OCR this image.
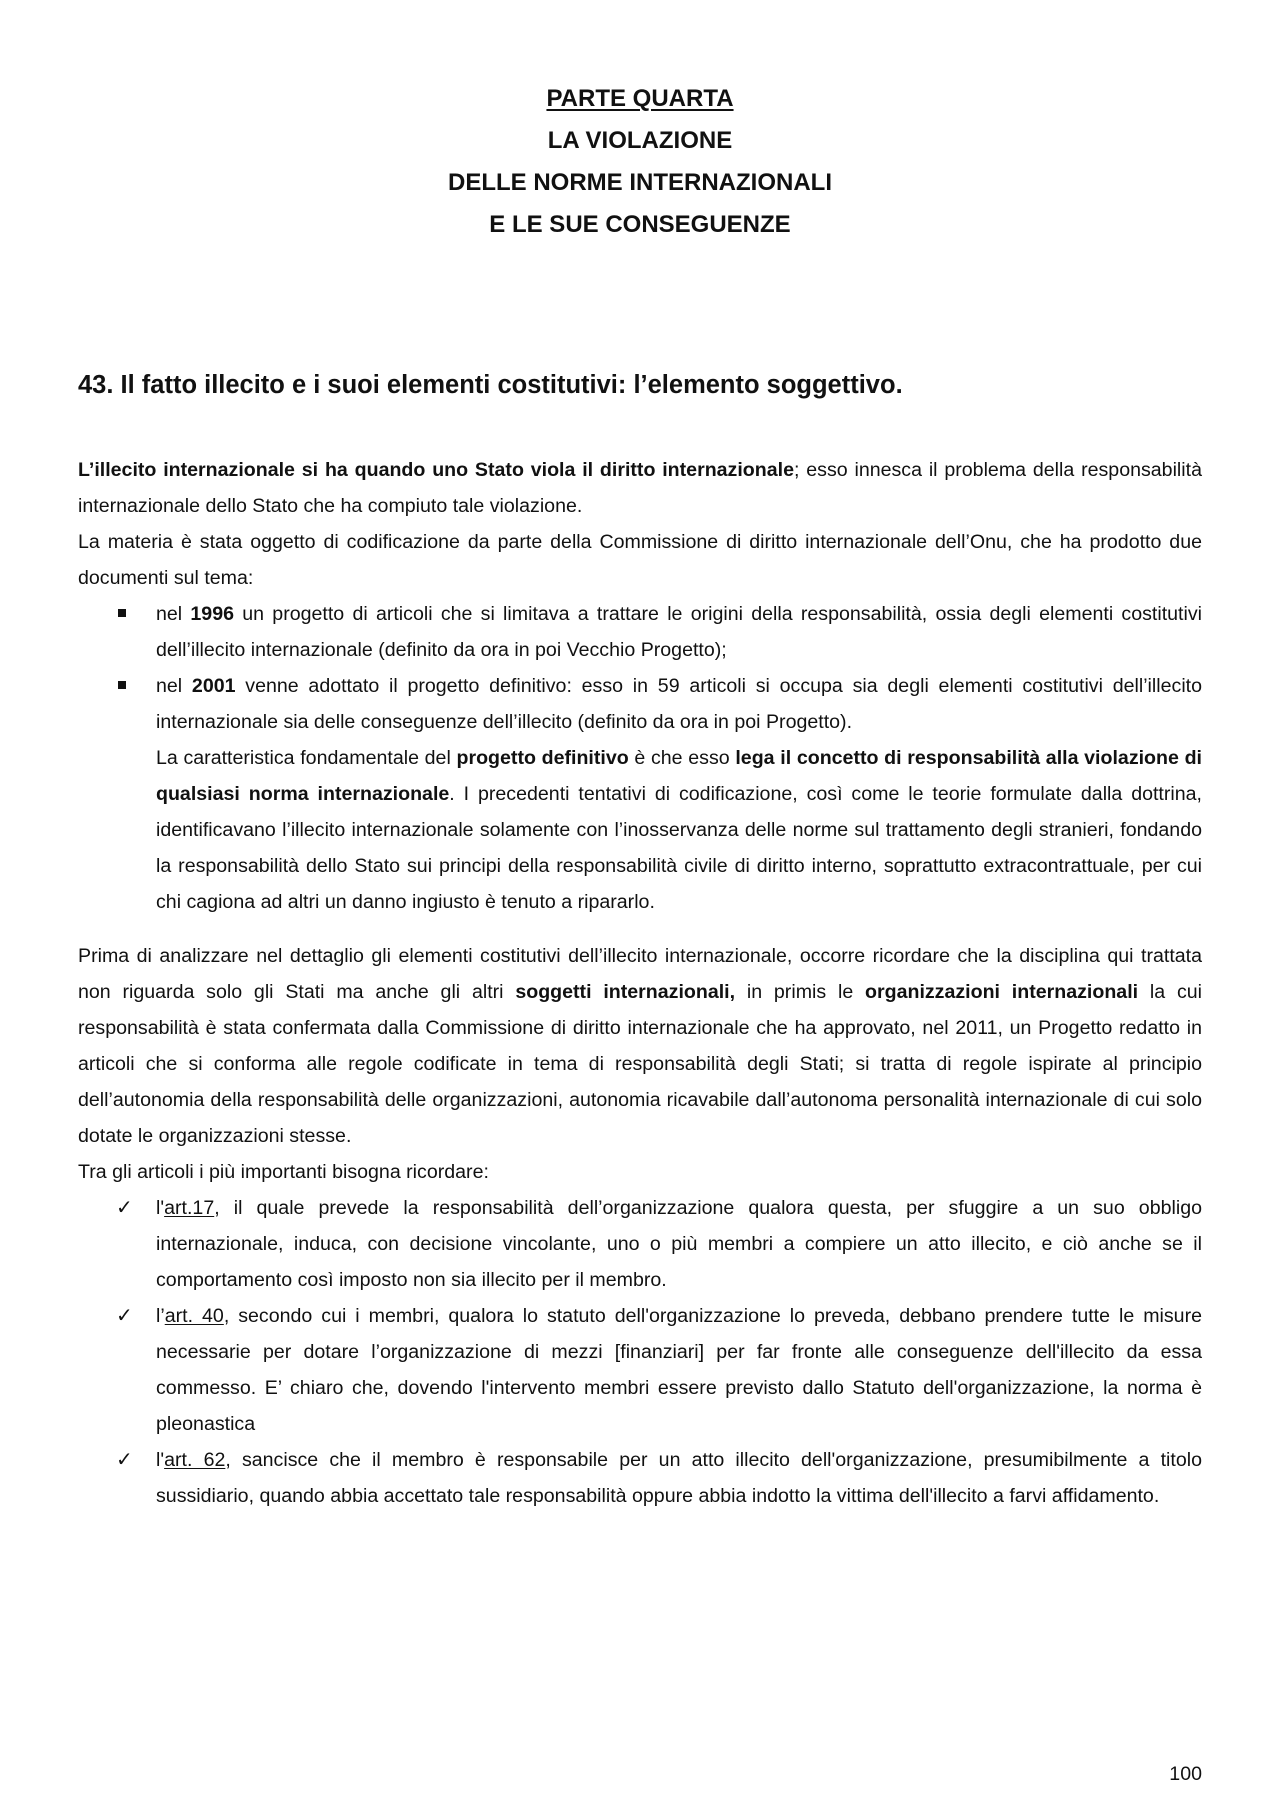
PARTE QUARTA
LA VIOLAZIONE
DELLE NORME INTERNAZIONALI
E LE SUE CONSEGUENZE
43. Il fatto illecito e i suoi elementi costitutivi: l’elemento soggettivo.

L’illecito internazionale si ha quando uno Stato viola il diritto internazionale; esso innesca il problema della responsabilità internazionale dello Stato che ha compiuto tale violazione.

La materia è stata oggetto di codificazione da parte della Commissione di diritto internazionale dell’Onu, che ha prodotto due documenti sul tema:

nel 1996 un progetto di articoli che si limitava a trattare le origini della responsabilità, ossia degli elementi costitutivi dell’illecito internazionale (definito da ora in poi Vecchio Progetto);
nel 2001 venne adottato il progetto definitivo: esso in 59 articoli si occupa sia degli elementi costitutivi dell’illecito internazionale sia delle conseguenze dell’illecito (definito da ora in poi Progetto).

La caratteristica fondamentale del progetto definitivo è che esso lega il concetto di responsabilità alla violazione di qualsiasi norma internazionale. I precedenti tentativi di codificazione, così come le teorie formulate dalla dottrina, identificavano l’illecito internazionale solamente con l’inosservanza delle norme sul trattamento degli stranieri, fondando la responsabilità dello Stato sui principi della responsabilità civile di diritto interno, soprattutto extracontrattuale, per cui chi cagiona ad altri un danno ingiusto è tenuto a ripararlo.

Prima di analizzare nel dettaglio gli elementi costitutivi dell’illecito internazionale, occorre ricordare che la disciplina qui trattata non riguarda solo gli Stati ma anche gli altri soggetti internazionali, in primis le organizzazioni internazionali la cui responsabilità è stata confermata dalla Commissione di diritto internazionale che ha approvato, nel 2011, un Progetto redatto in articoli che si conforma alle regole codificate in tema di responsabilità degli Stati; si tratta di regole ispirate al principio dell’autonomia della responsabilità delle organizzazioni, autonomia ricavabile dall’autonoma personalità internazionale di cui solo dotate le organizzazioni stesse.

Tra gli articoli i più importanti bisogna ricordare:

✓ l'art.17, il quale prevede la responsabilità dell’organizzazione qualora questa, per sfuggire a un suo obbligo internazionale, induca, con decisione vincolante, uno o più membri a compiere un atto illecito, e ciò anche se il comportamento così imposto non sia illecito per il membro.
✓ l’art. 40, secondo cui i membri, qualora lo statuto dell'organizzazione lo preveda, debbano prendere tutte le misure necessarie per dotare l’organizzazione di mezzi [finanziari] per far fronte alle conseguenze dell'illecito da essa commesso. E’ chiaro che, dovendo l'intervento membri essere previsto dallo Statuto dell'organizzazione, la norma è pleonastica
✓ l'art. 62, sancisce che il membro è responsabile per un atto illecito dell'organizzazione, presumibilmente a titolo sussidiario, quando abbia accettato tale responsabilità oppure abbia indotto la vittima dell'illecito a farvi affidamento.
100
